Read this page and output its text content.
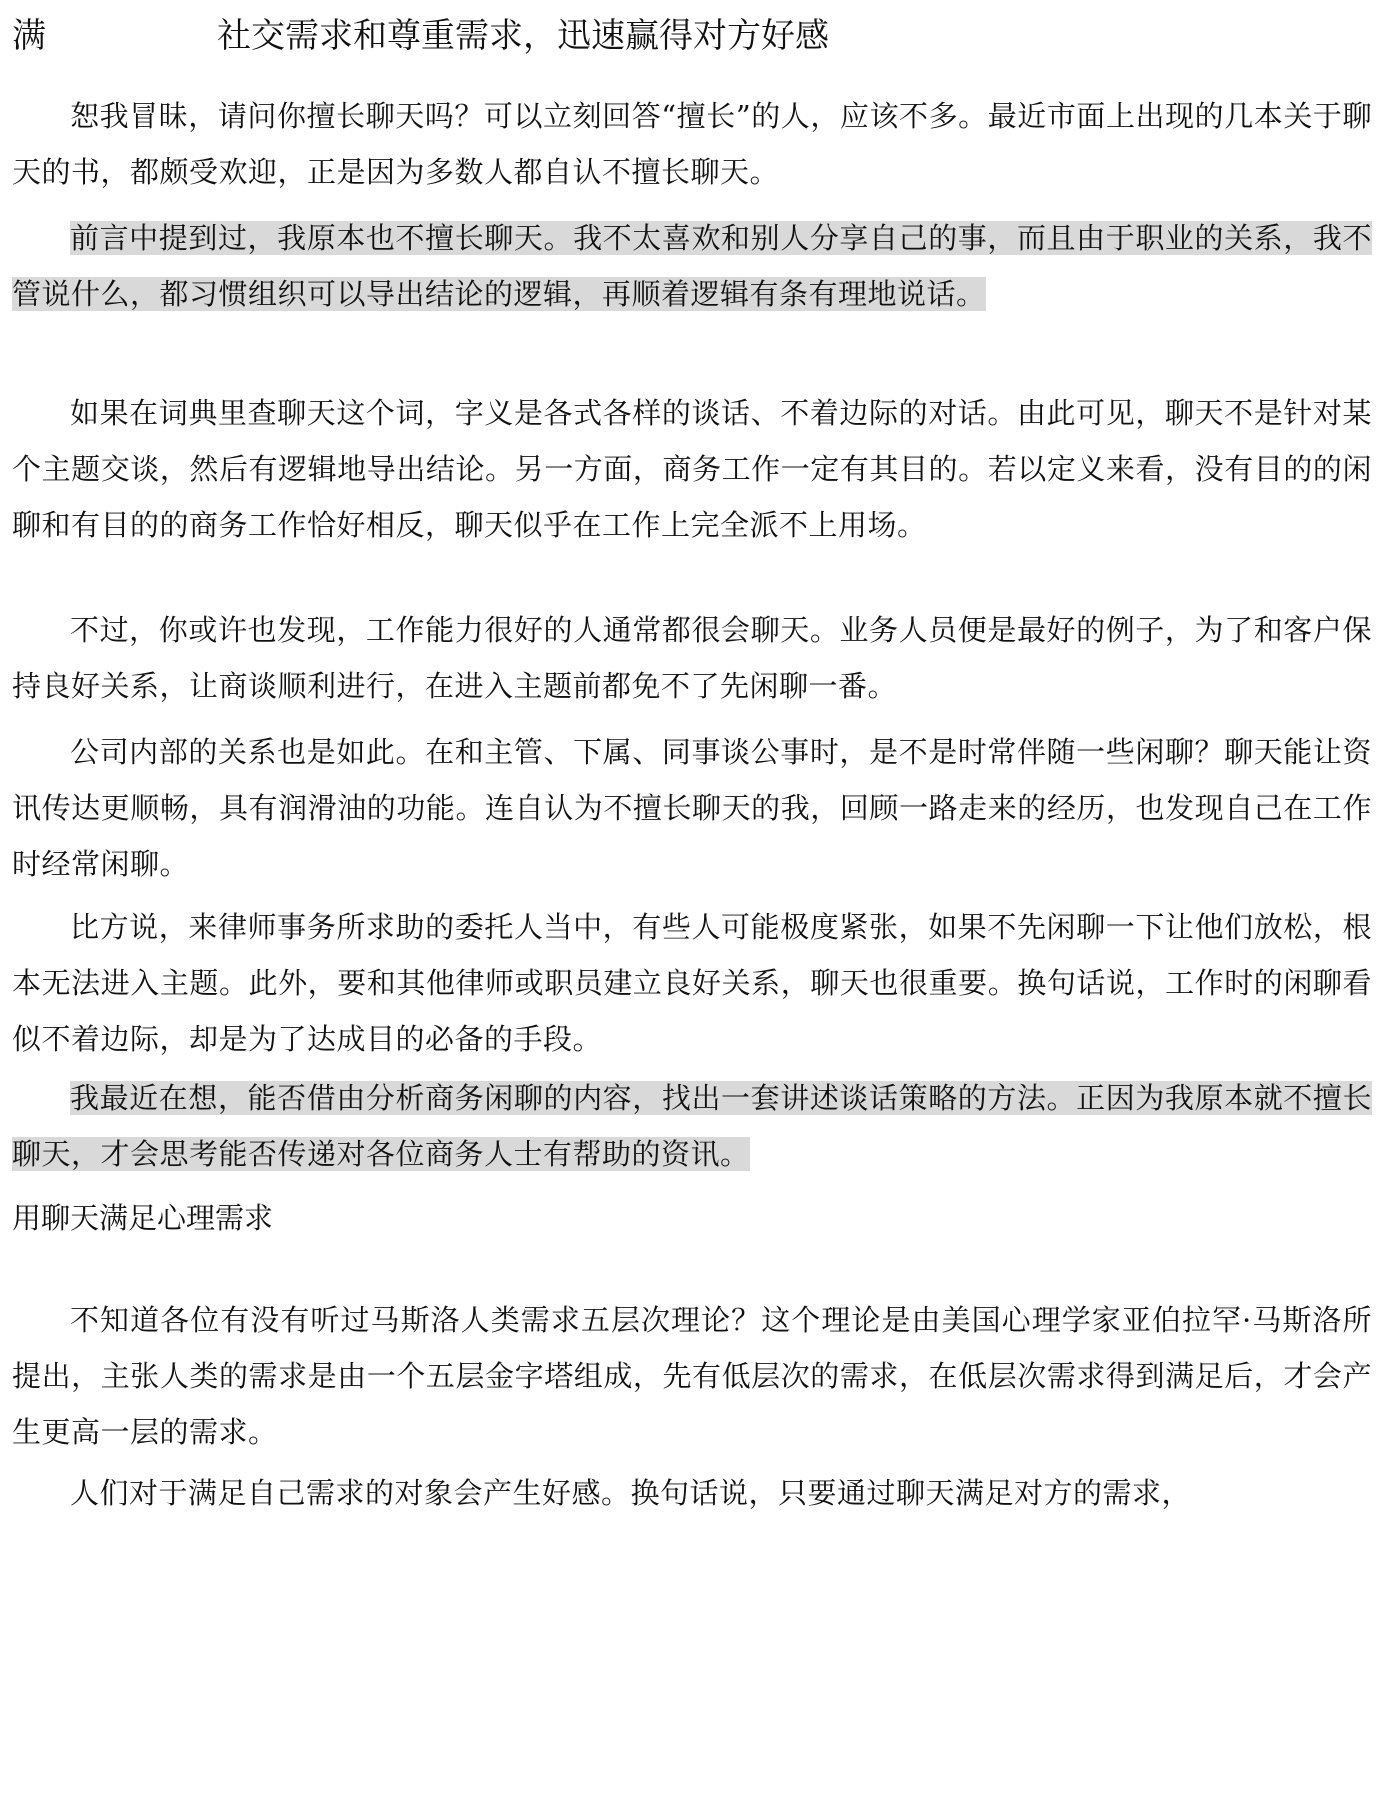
满	社交需求和尊重需求，迅速赢得对方好感

恕我冒昧，请问你擅长聊天吗？可以立刻回答“擅长”的人，应该不多。最近市面上出现的几本关于聊天的书，都颇受欢迎，正是因为多数人都自认不擅长聊天。

前言中提到过，我原本也不擅长聊天。我不太喜欢和别人分享自己的事，而且由于职业的关系，我不管说什么，都习惯组织可以导出结论的逻辑，再顺着逻辑有条有理地说话。

如果在词典里查聊天这个词，字义是各式各样的谈话、不着边际的对话。由此可见，聊天不是针对某个主题交谈，然后有逻辑地导出结论。另一方面，商务工作一定有其目的。若以定义来看，没有目的的闲聊和有目的的商务工作恰好相反，聊天似乎在工作上完全派不上用场。

不过，你或许也发现，工作能力很好的人通常都很会聊天。业务人员便是最好的例子，为了和客户保持良好关系，让商谈顺利进行，在进入主题前都免不了先闲聊一番。

公司内部的关系也是如此。在和主管、下属、同事谈公事时，是不是时常伴随一些闲聊？聊天能让资讯传达更顺畅，具有润滑油的功能。连自认为不擅长聊天的我，回顾一路走来的经历，也发现自己在工作时经常闲聊。

比方说，来律师事务所求助的委托人当中，有些人可能极度紧张，如果不先闲聊一下让他们放松，根本无法进入主题。此外，要和其他律师或职员建立良好关系，聊天也很重要。换句话说，工作时的闲聊看似不着边际，却是为了达成目的必备的手段。

我最近在想，能否借由分析商务闲聊的内容，找出一套讲述谈话策略的方法。正因为我原本就不擅长聊天，才会思考能否传递对各位商务人士有帮助的资讯。

用聊天满足心理需求

不知道各位有没有听过马斯洛人类需求五层次理论？这个理论是由美国心理学家亚伯拉罕·马斯洛所提出，主张人类的需求是由一个五层金字塔组成，先有低层次的需求，在低层次需求得到满足后，才会产生更高一层的需求。

人们对于满足自己需求的对象会产生好感。换句话说，只要通过聊天满足对方的需求，
